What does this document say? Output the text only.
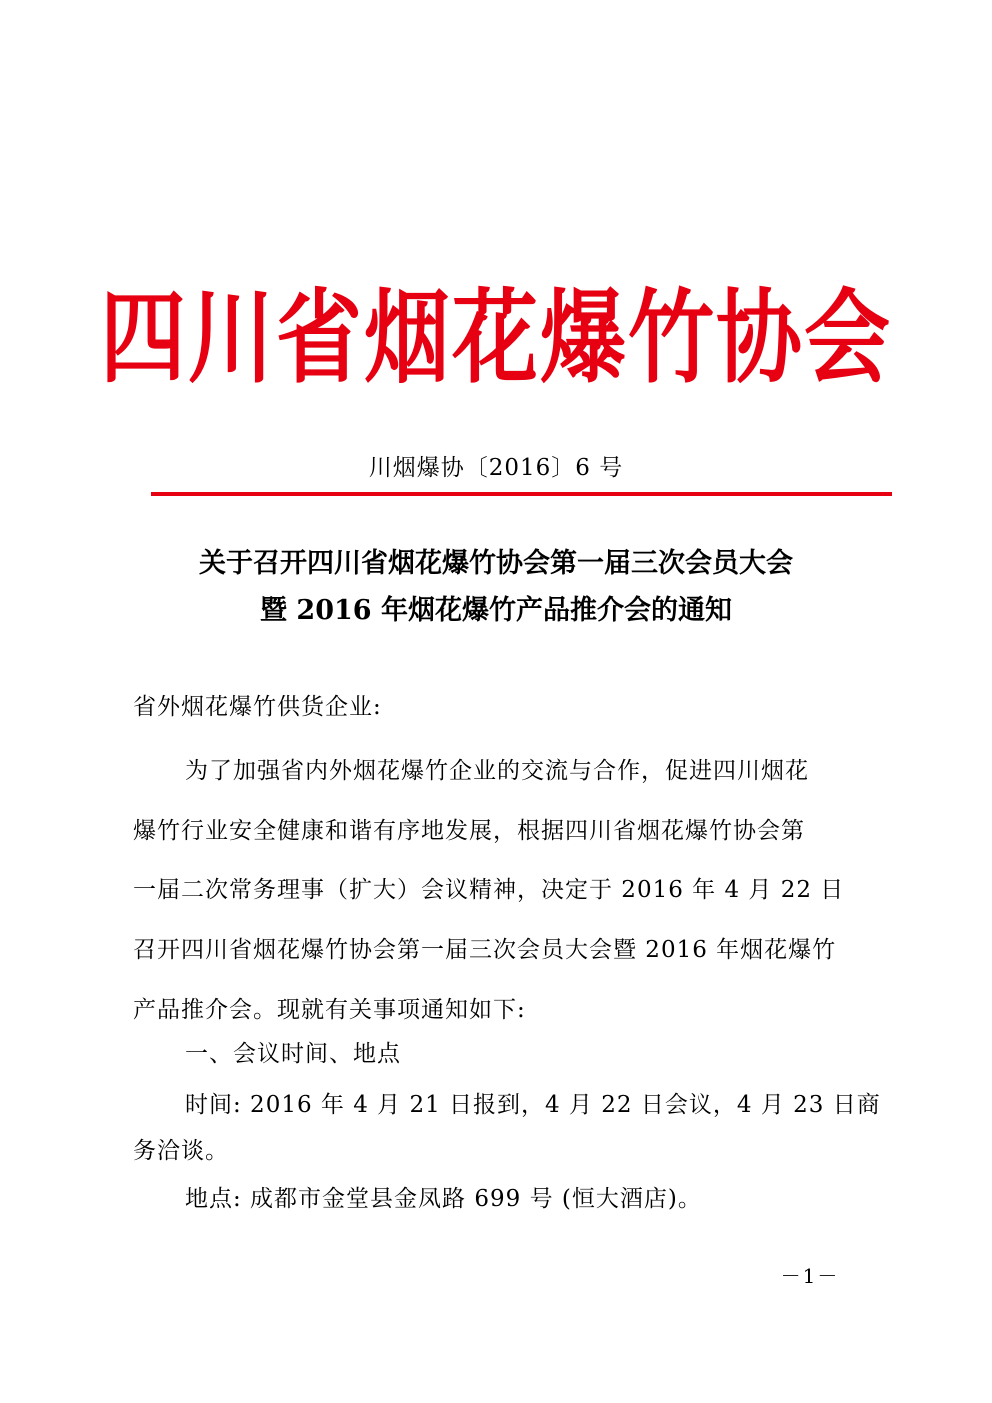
四川省烟花爆竹协会
川烟爆协〔2016〕6 号
关于召开四川省烟花爆竹协会第一届三次会员大会
暨 2016 年烟花爆竹产品推介会的通知
省外烟花爆竹供货企业:
为了加强省内外烟花爆竹企业的交流与合作，促进四川烟花
爆竹行业安全健康和谐有序地发展，根据四川省烟花爆竹协会第
一届二次常务理事（扩大）会议精神，决定于 2016 年 4 月 22 日
召开四川省烟花爆竹协会第一届三次会员大会暨 2016 年烟花爆竹
产品推介会。现就有关事项通知如下:
一、会议时间、地点
时间: 2016 年 4 月 21 日报到，4 月 22 日会议，4 月 23 日商
务洽谈。
地点: 成都市金堂县金凤路 699 号 (恒大酒店)。
－1－
